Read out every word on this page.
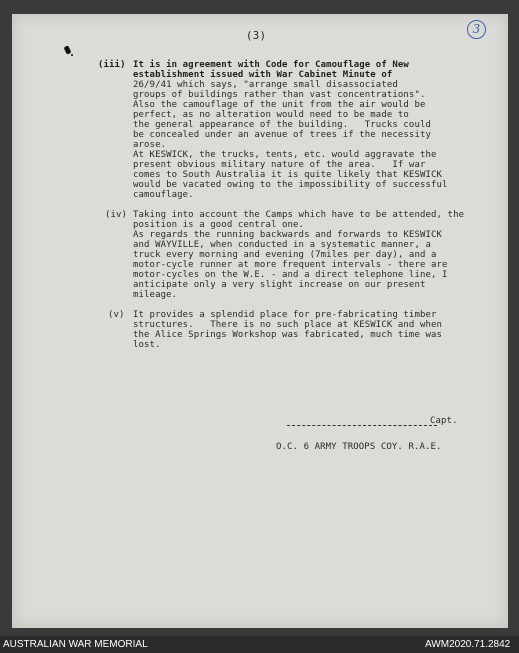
(3)	3
(iii) It is in agreement with Code for Camouflage of New
establishment issued with War Cabinet Minute of
26/9/41 which says, "arrange small disassociated
groups of buildings rather than vast concentrations".
Also the camouflage of the unit from the air would be
perfect, as no alteration would need to be made to
the general appearance of the building.   Trucks could
be concealed under an avenue of trees if the necessity
arose.
At KESWICK, the trucks, tents, etc. would aggravate the
present obvious military nature of the area.   If war
comes to South Australia it is quite likely that KESWICK
would be vacated owing to the impossibility of successful
camouflage.
(iv) Taking into account the Camps which have to be attended, the
position is a good central one.
As regards the running backwards and forwards to KESWICK
and WAYVILLE, when conducted in a systematic manner, a
truck every morning and evening (7miles per day), and a
motor-cycle runner at more frequent intervals - there are
motor-cycles on the W.E. - and a direct telephone line, I
anticipate only a very slight increase on our present
mileage.
(v) It provides a splendid place for pre-fabricating timber
structures.   There is no such place at KESWICK and when
the Alice Springs Workshop was fabricated, much time was
lost.
Capt.
O.C. 6 ARMY TROOPS COY. R.A.E.
AUSTRALIAN WAR MEMORIAL	AWM2020.71.2842
